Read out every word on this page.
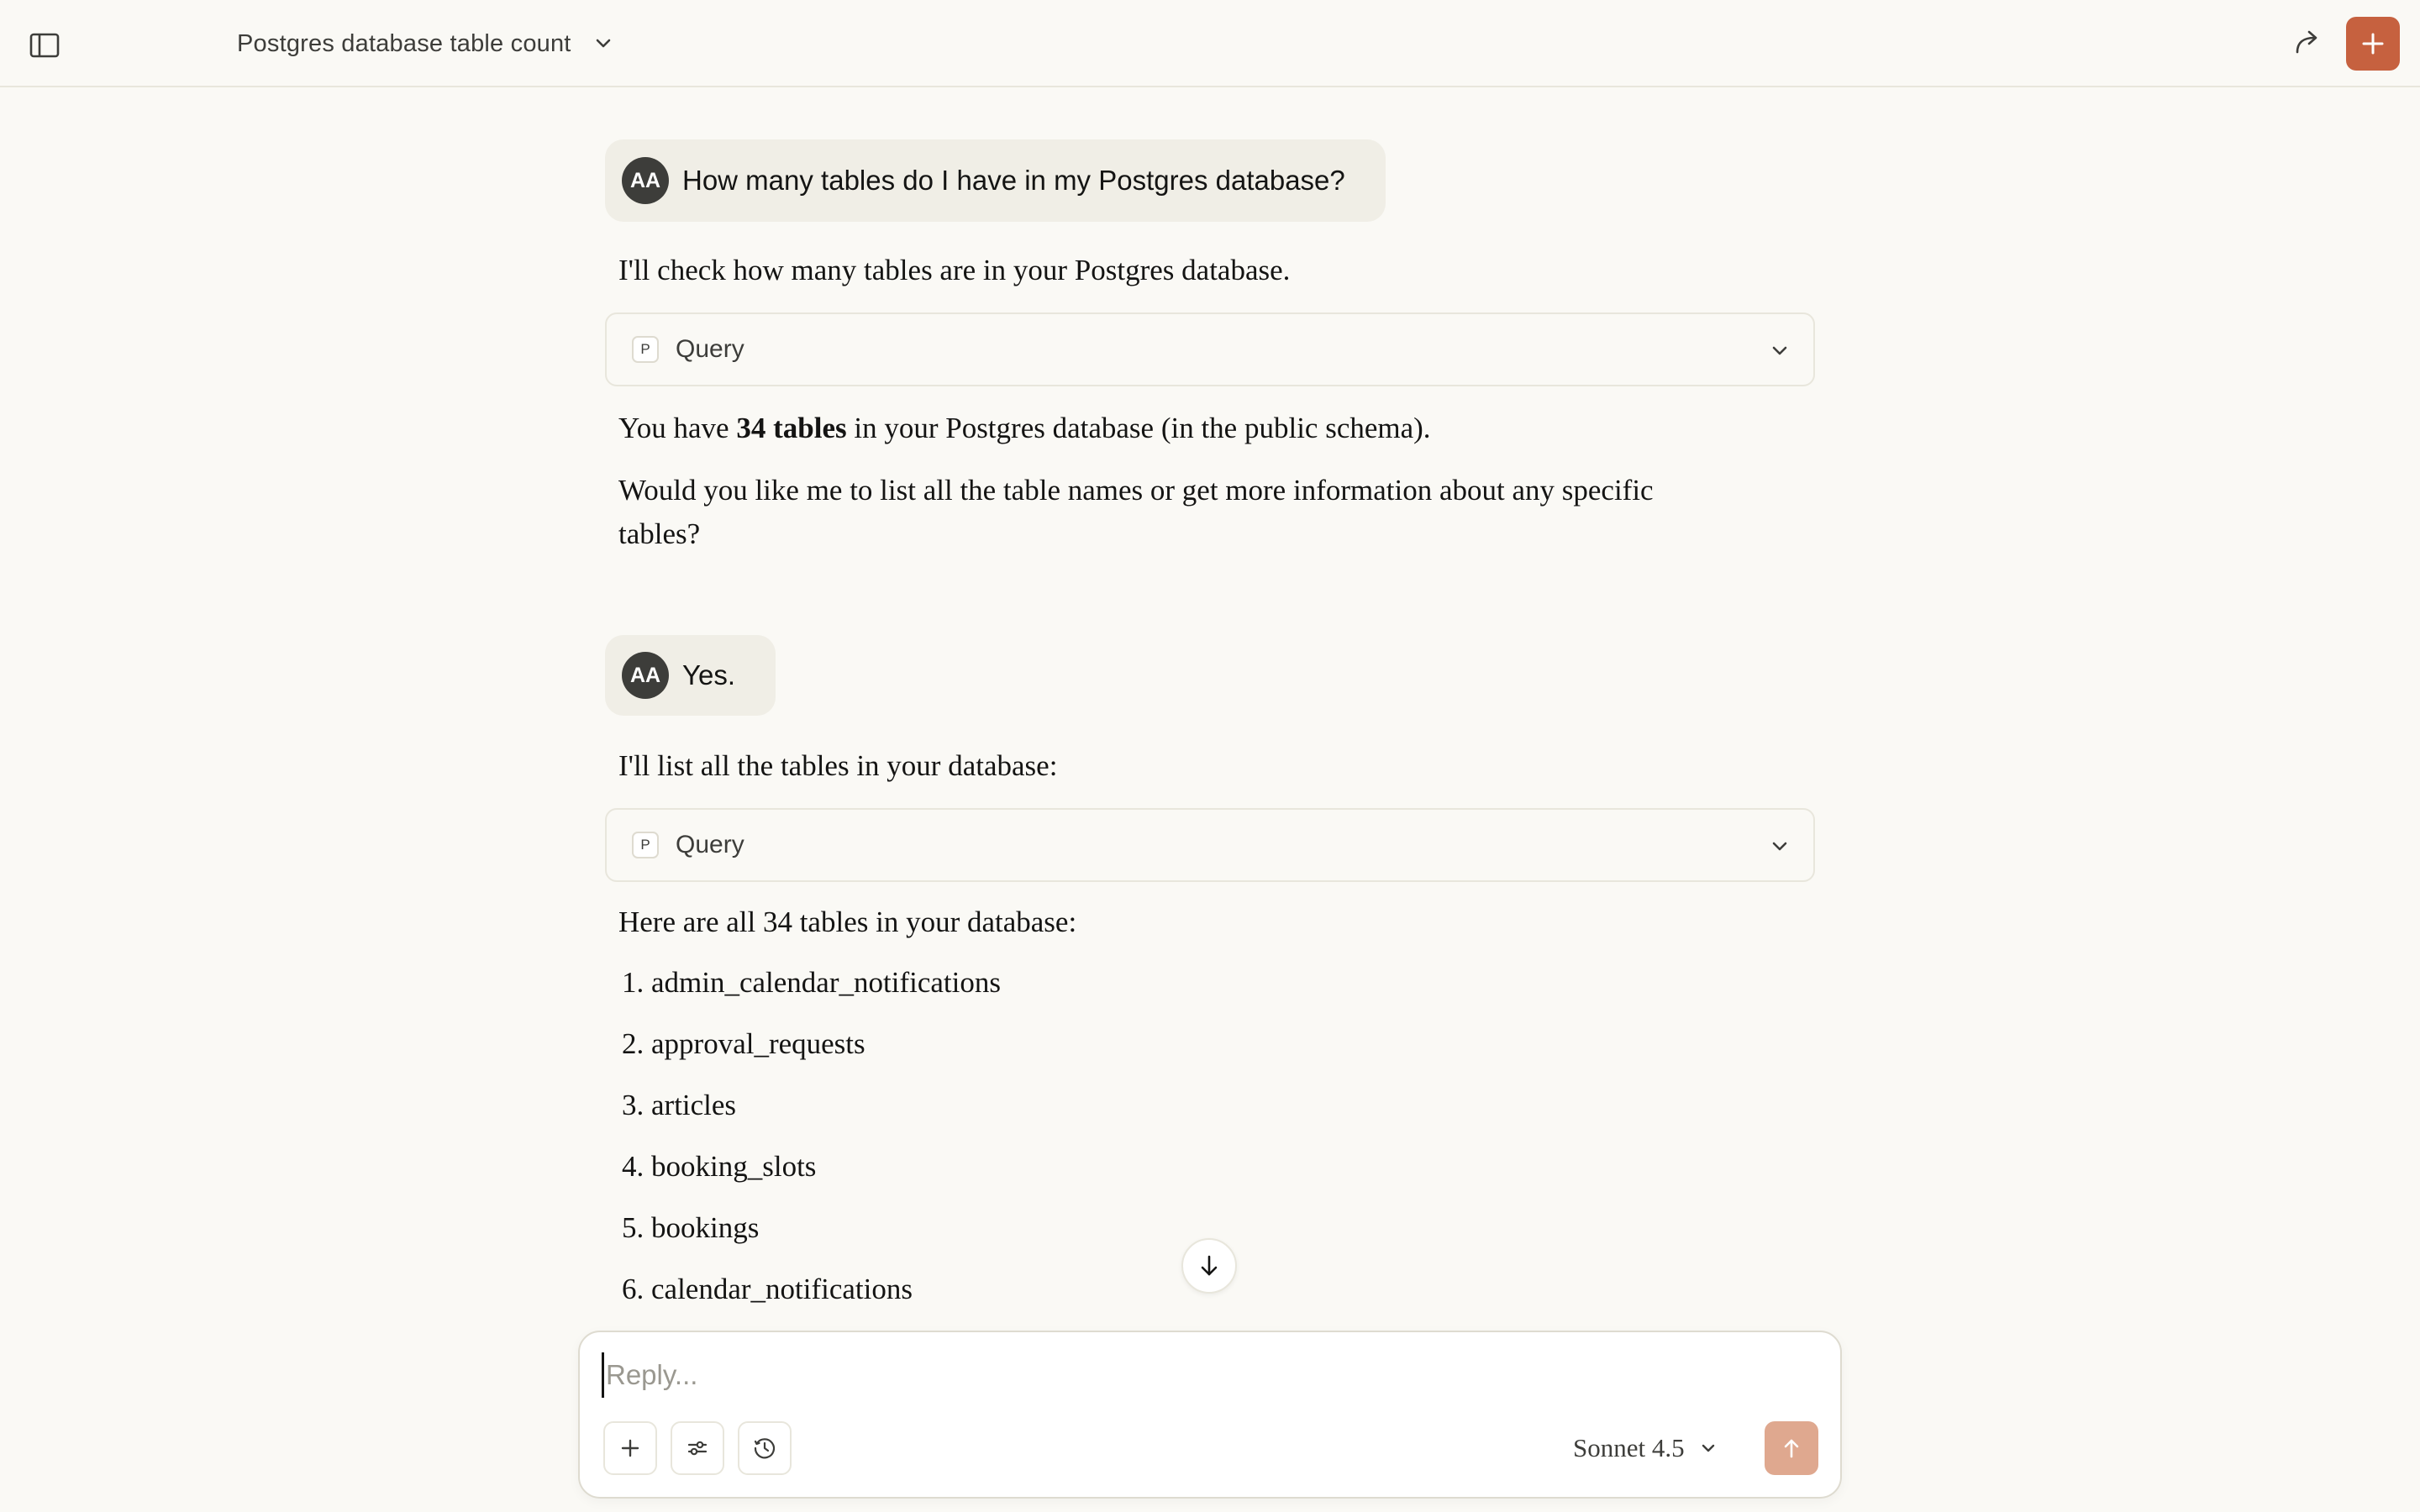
Postgres database table count
AA How many tables do I have in my Postgres database?
I'll check how many tables are in your Postgres database.
P	Query
You have 34 tables in your Postgres database (in the public schema).
Would you like me to list all the table names or get more information about any specific tables?
AA Yes.
I'll list all the tables in your database:
P	Query
Here are all 34 tables in your database:
1. admin_calendar_notifications
2. approval_requests
3. articles
4. booking_slots
5. bookings
6. calendar_notifications
Reply...
Sonnet 4.5
